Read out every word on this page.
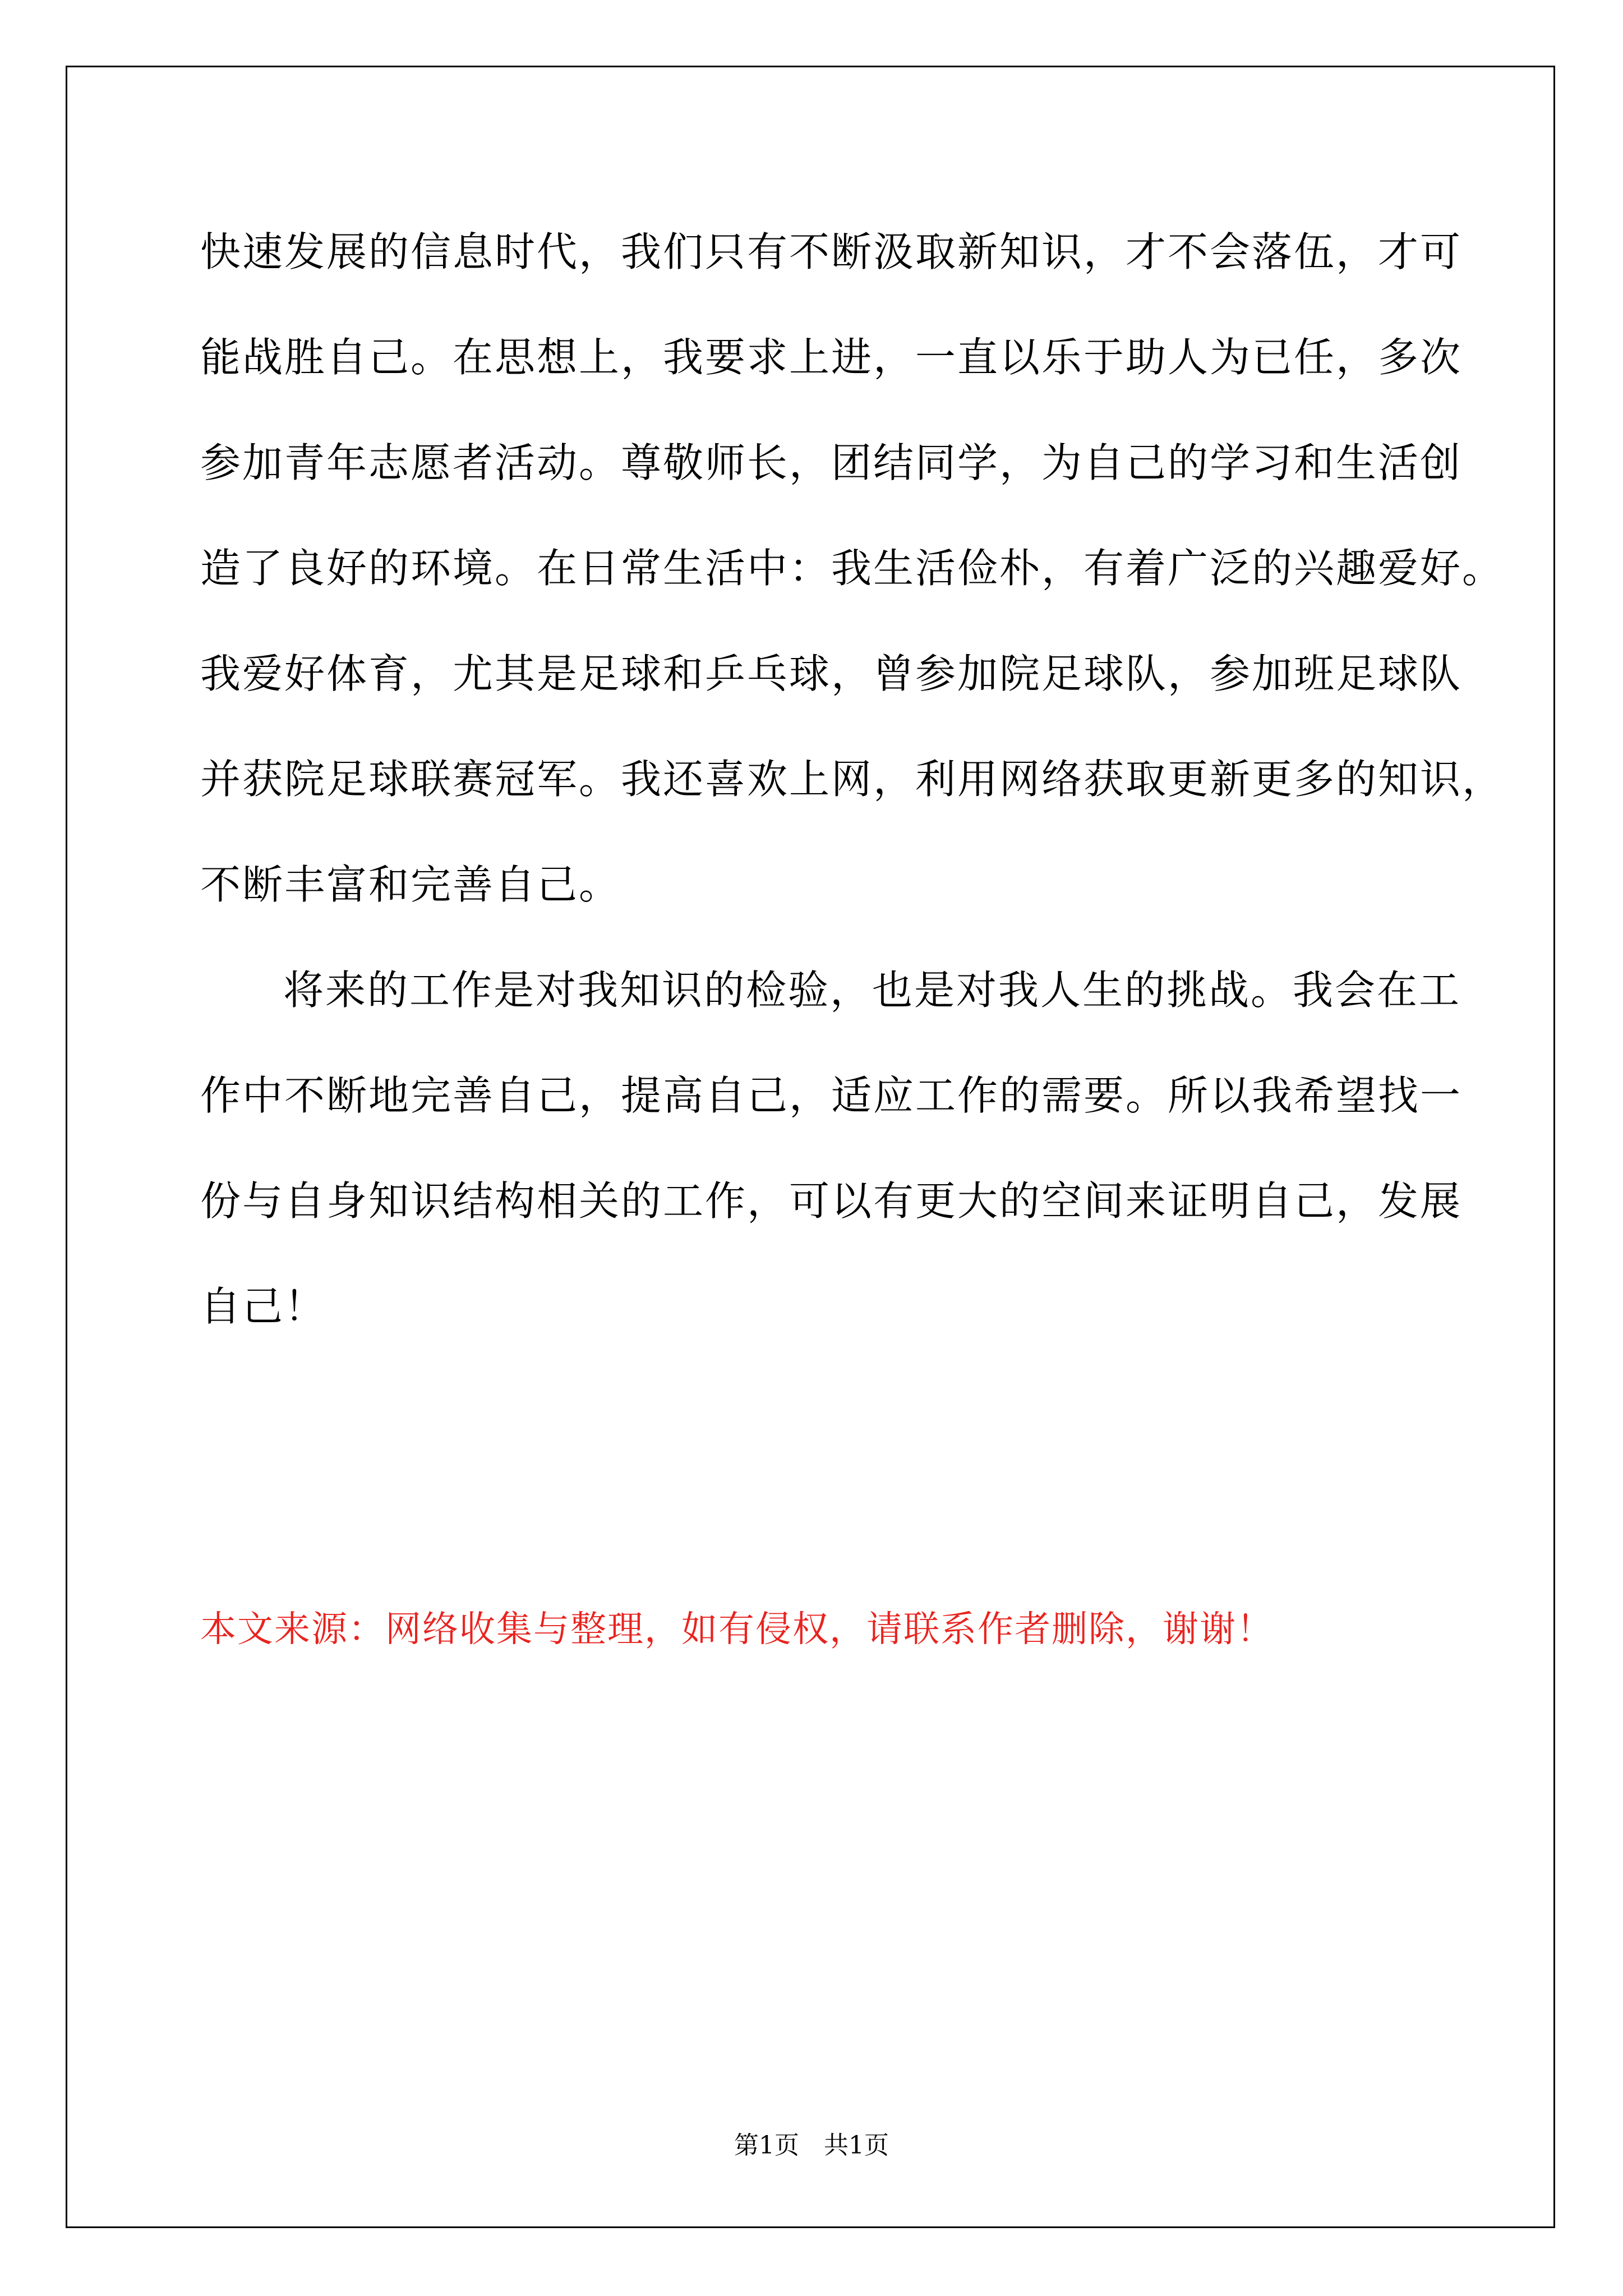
快速发展的信息时代，我们只有不断汲取新知识，才不会落伍，才可
能战胜自己。在思想上，我要求上进，一直以乐于助人为已任，多次
参加青年志愿者活动。尊敬师长，团结同学，为自己的学习和生活创
造了良好的环境。在日常生活中：我生活俭朴，有着广泛的兴趣爱好。
我爱好体育，尤其是足球和乒乓球，曾参加院足球队，参加班足球队
并获院足球联赛冠军。我还喜欢上网，利用网络获取更新更多的知识，
不断丰富和完善自己。
将来的工作是对我知识的检验，也是对我人生的挑战。我会在工
作中不断地完善自己，提高自己，适应工作的需要。所以我希望找一
份与自身知识结构相关的工作，可以有更大的空间来证明自己，发展
自己！
本文来源：网络收集与整理，如有侵权，请联系作者删除，谢谢！
第1页　共1页
